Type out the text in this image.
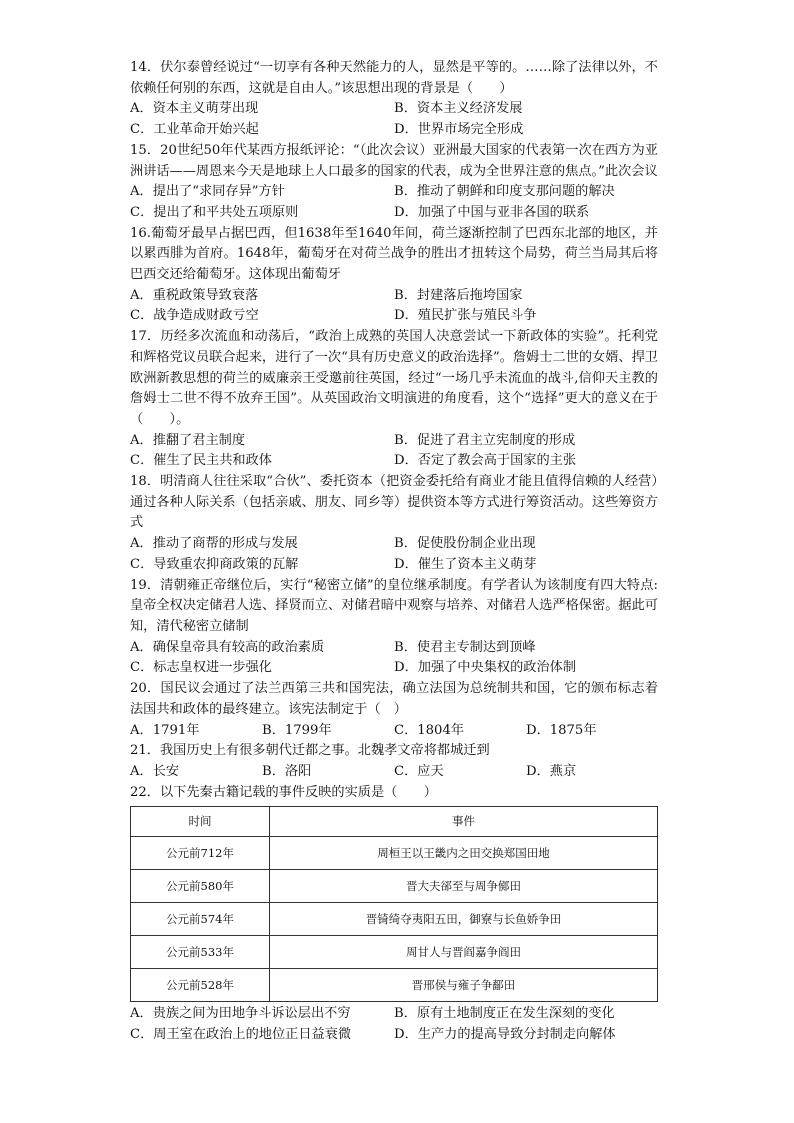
14．伏尔泰曾经说过“一切享有各种天然能力的人，显然是平等的。……除了法律以外，不依赖任何别的东西，这就是自由人。”该思想出现的背景是（　　）

A．资本主义萌芽出现	B．资本主义经济发展
C．工业革命开始兴起	D．世界市场完全形成

15．20世纪50年代某西方报纸评论：“（此次会议）亚洲最大国家的代表第一次在西方为亚洲讲话——周恩来今天是地球上人口最多的国家的代表，成为全世界注意的焦点。”此次会议

A．提出了“求同存异”方针	B．推动了朝鲜和印度支那问题的解决
C．提出了和平共处五项原则	D．加强了中国与亚非各国的联系

16.葡萄牙最早占据巴西，但1638年至1640年间，荷兰逐渐控制了巴西东北部的地区，并以累西腓为首府。1648年，葡萄牙在对荷兰战争的胜出才扭转这个局势，荷兰当局其后将巴西交还给葡萄牙。这体现出葡萄牙

A．重税政策导致衰落	B．封建落后拖垮国家
C．战争造成财政亏空	D．殖民扩张与殖民斗争

17．历经多次流血和动荡后，“政治上成熟的英国人决意尝试一下新政体的实验”。托利党和辉格党议员联合起来，进行了一次“具有历史意义的政治选择”。詹姆士二世的女婿、捍卫欧洲新教思想的荷兰的威廉亲王受邀前往英国，经过“一场几乎未流血的战斗,信仰天主教的詹姆士二世不得不放弃王国”。从英国政治文明演进的角度看，这个“选择”更大的意义在于（　　）。

A．推翻了君主制度	B．促进了君主立宪制度的形成
C．催生了民主共和政体	D．否定了教会高于国家的主张

18．明清商人往往采取“合伙”、委托资本（把资金委托给有商业才能且值得信赖的人经营）通过各种人际关系（包括亲戚、朋友、同乡等）提供资本等方式进行筹资活动。这些筹资方式

A．推动了商帮的形成与发展	B．促使股份制企业出现
C．导致重农抑商政策的瓦解	D．催生了资本主义萌芽

19．清朝雍正帝继位后，实行“秘密立储”的皇位继承制度。有学者认为该制度有四大特点:皇帝全权决定储君人选、择贤而立、对储君暗中观察与培养、对储君人选严格保密。据此可知，清代秘密立储制

A．确保皇帝具有较高的政治素质	B．使君主专制达到顶峰
C．标志皇权进一步强化	D．加强了中央集权的政治体制

20．国民议会通过了法兰西第三共和国宪法，确立法国为总统制共和国，它的颁布标志着法国共和政体的最终建立。该宪法制定于（　）

A．1791年	B．1799年	C．1804年	D．1875年

21．我国历史上有很多朝代迁都之事。北魏孝文帝将都城迁到

A．长安	B．洛阳	C．应天	D．燕京

22．以下先秦古籍记载的事件反映的实质是（　　）

时间	事件
公元前712年	周桓王以王畿内之田交换郑国田地
公元前580年	晋大夫郤至与周争鄇田
公元前574年	晋锜绮夺夷阳五田，御寮与长鱼娇争田
公元前533年	周甘人与晋阎嘉争阎田
公元前528年	晋邢侯与雍子争鄐田
A．贵族之间为田地争斗诉讼层出不穷	B．原有土地制度正在发生深刻的变化
C．周王室在政治上的地位正日益衰微	D．生产力的提高导致分封制走向解体
